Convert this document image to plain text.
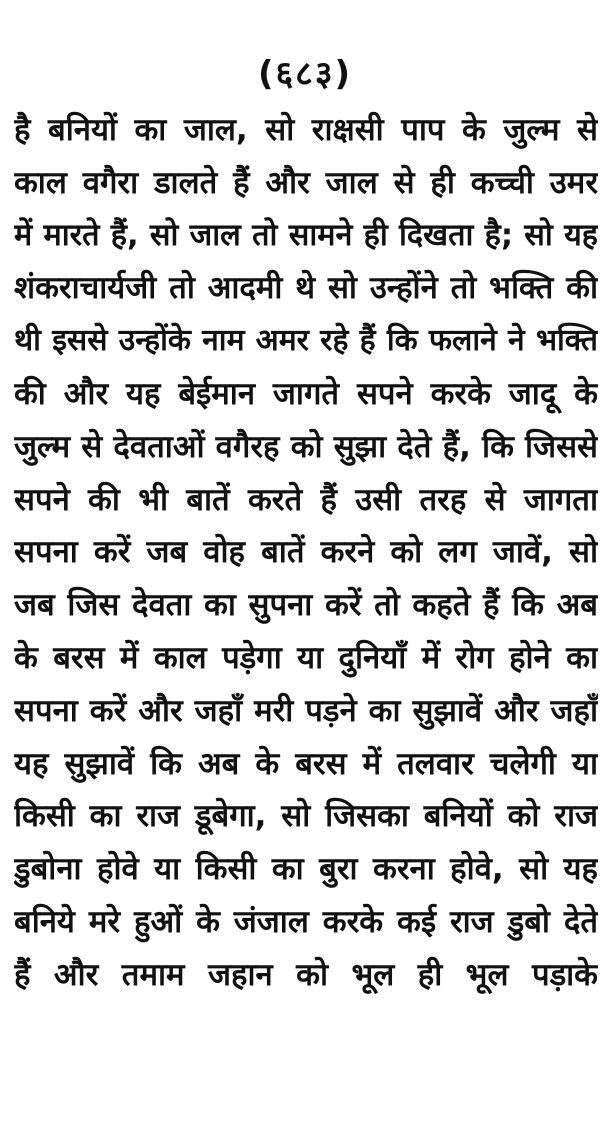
(६८३)
है बनियों का जाल, सो राक्षसी पाप के जुल्म से
काल वगैरा डालते हैं और जाल से ही कच्ची उमर
में मारते हैं, सो जाल तो सामने ही दिखता है; सो यह
शंकराचार्यजी तो आदमी थे सो उन्होंने तो भक्ति की
थी इससे उन्होंके नाम अमर रहे हैं कि फलाने ने भक्ति
की और यह बेईमान जागते सपने करके जादू के
जुल्म से देवताओं वगैरह को सुझा देते हैं, कि जिससे
सपने की भी बातें करते हैं उसी तरह से जागता
सपना करें जब वोह बातें करने को लग जावें, सो
जब जिस देवता का सुपना करें तो कहते हैं कि अब
के बरस में काल पड़ेगा या दुनियाँ में रोग होने का
सपना करें और जहाँ मरी पड़ने का सुझावें और जहाँ
यह सुझावें कि अब के बरस में तलवार चलेगी या
किसी का राज डूबेगा, सो जिसका बनियों को राज
डुबोना होवे या किसी का बुरा करना होवे, सो यह
बनिये मरे हुओं के जंजाल करके कई राज डुबो देते
हैं और तमाम जहान को भूल ही भूल पड़ाके
